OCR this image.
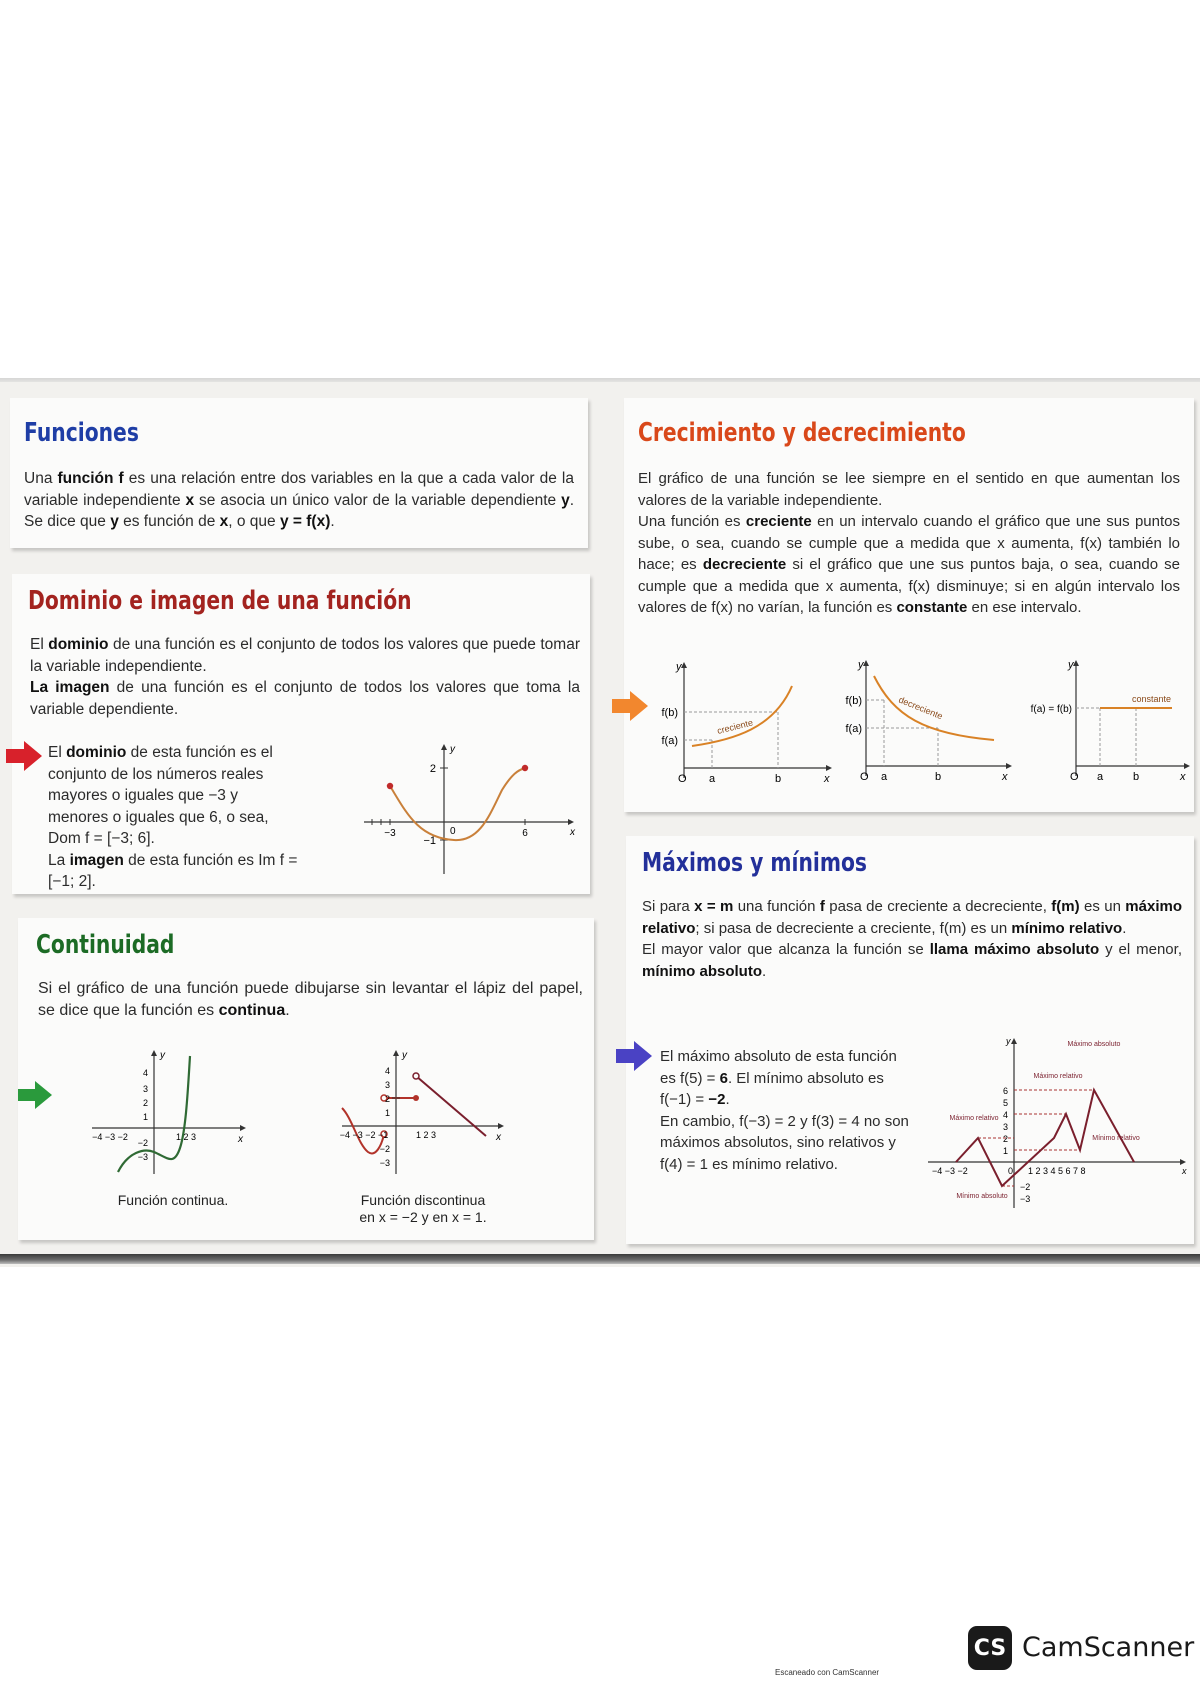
Funciones

Una función f es una relación entre dos variables en la que a cada valor de la variable independiente x se asocia un único valor de la variable dependiente y. Se dice que y es función de x, o que y = f(x).

Dominio e imagen de una función

El dominio de una función es el conjunto de todos los valores que puede tomar la variable independiente.

La imagen de una función es el conjunto de todos los valores que toma la variable dependiente.

El dominio de esta función es el conjunto de los números reales mayores o iguales que −3 y menores o iguales que 6, o sea, Dom f = [−3; 6].

La imagen de esta función es Im f = [−1; 2].

2
−1
−3	0	6	x
y
Continuidad

Si el gráfico de una función puede dibujarse sin levantar el lápiz del papel, se dice que la función es continua.

y
x
4
3
2
1
−2
−3
−4 −3 −2	1 2 3
y
x
4
3
2
1
−2
−3
−4 −3 −2 −1	1 2 3
Función continua.	Función discontinua
en x = −2 y en x = 1.
Crecimiento y decrecimiento

El gráfico de una función se lee siempre en el sentido en que aumentan los valores de la variable independiente.

Una función es creciente en un intervalo cuando el gráfico que une sus puntos sube, o sea, cuando se cumple que a medida que x aumenta, f(x) también lo hace; es decreciente si el gráfico que une sus puntos baja, o sea, cuando se cumple que a medida que x aumenta, f(x) disminuye; si en algún intervalo los valores de f(x) no varían, la función es constante en ese intervalo.

creciente
f(b)
f(a)
O a	b	x
y
decreciente
f(b)
f(a)
O a	b	x
y
constante
f(a) = f(b)
O a	b	x
y
Máximos y mínimos

Si para x = m una función f pasa de creciente a decreciente, f(m) es un máximo relativo; si pasa de decreciente a creciente, f(m) es un mínimo relativo.

El mayor valor que alcanza la función se llama máximo absoluto y el menor, mínimo absoluto.

El máximo absoluto de esta función es f(5) = 6. El mínimo absoluto es f(−1) = −2.

En cambio, f(−3) = 2 y f(3) = 4 no son máximos absolutos, sino relativos y f(4) = 1 es mínimo relativo.

6
5
4
3
2
1
−2
−3
−4 −3 −2	0 1 2 3 4 5 6 7 8	x
y	Máximo absoluto
Máximo relativo
Máximo relativo
Mínimo relativo
Mínimo absoluto
Escaneado con CamScanner
CS CamScanner
